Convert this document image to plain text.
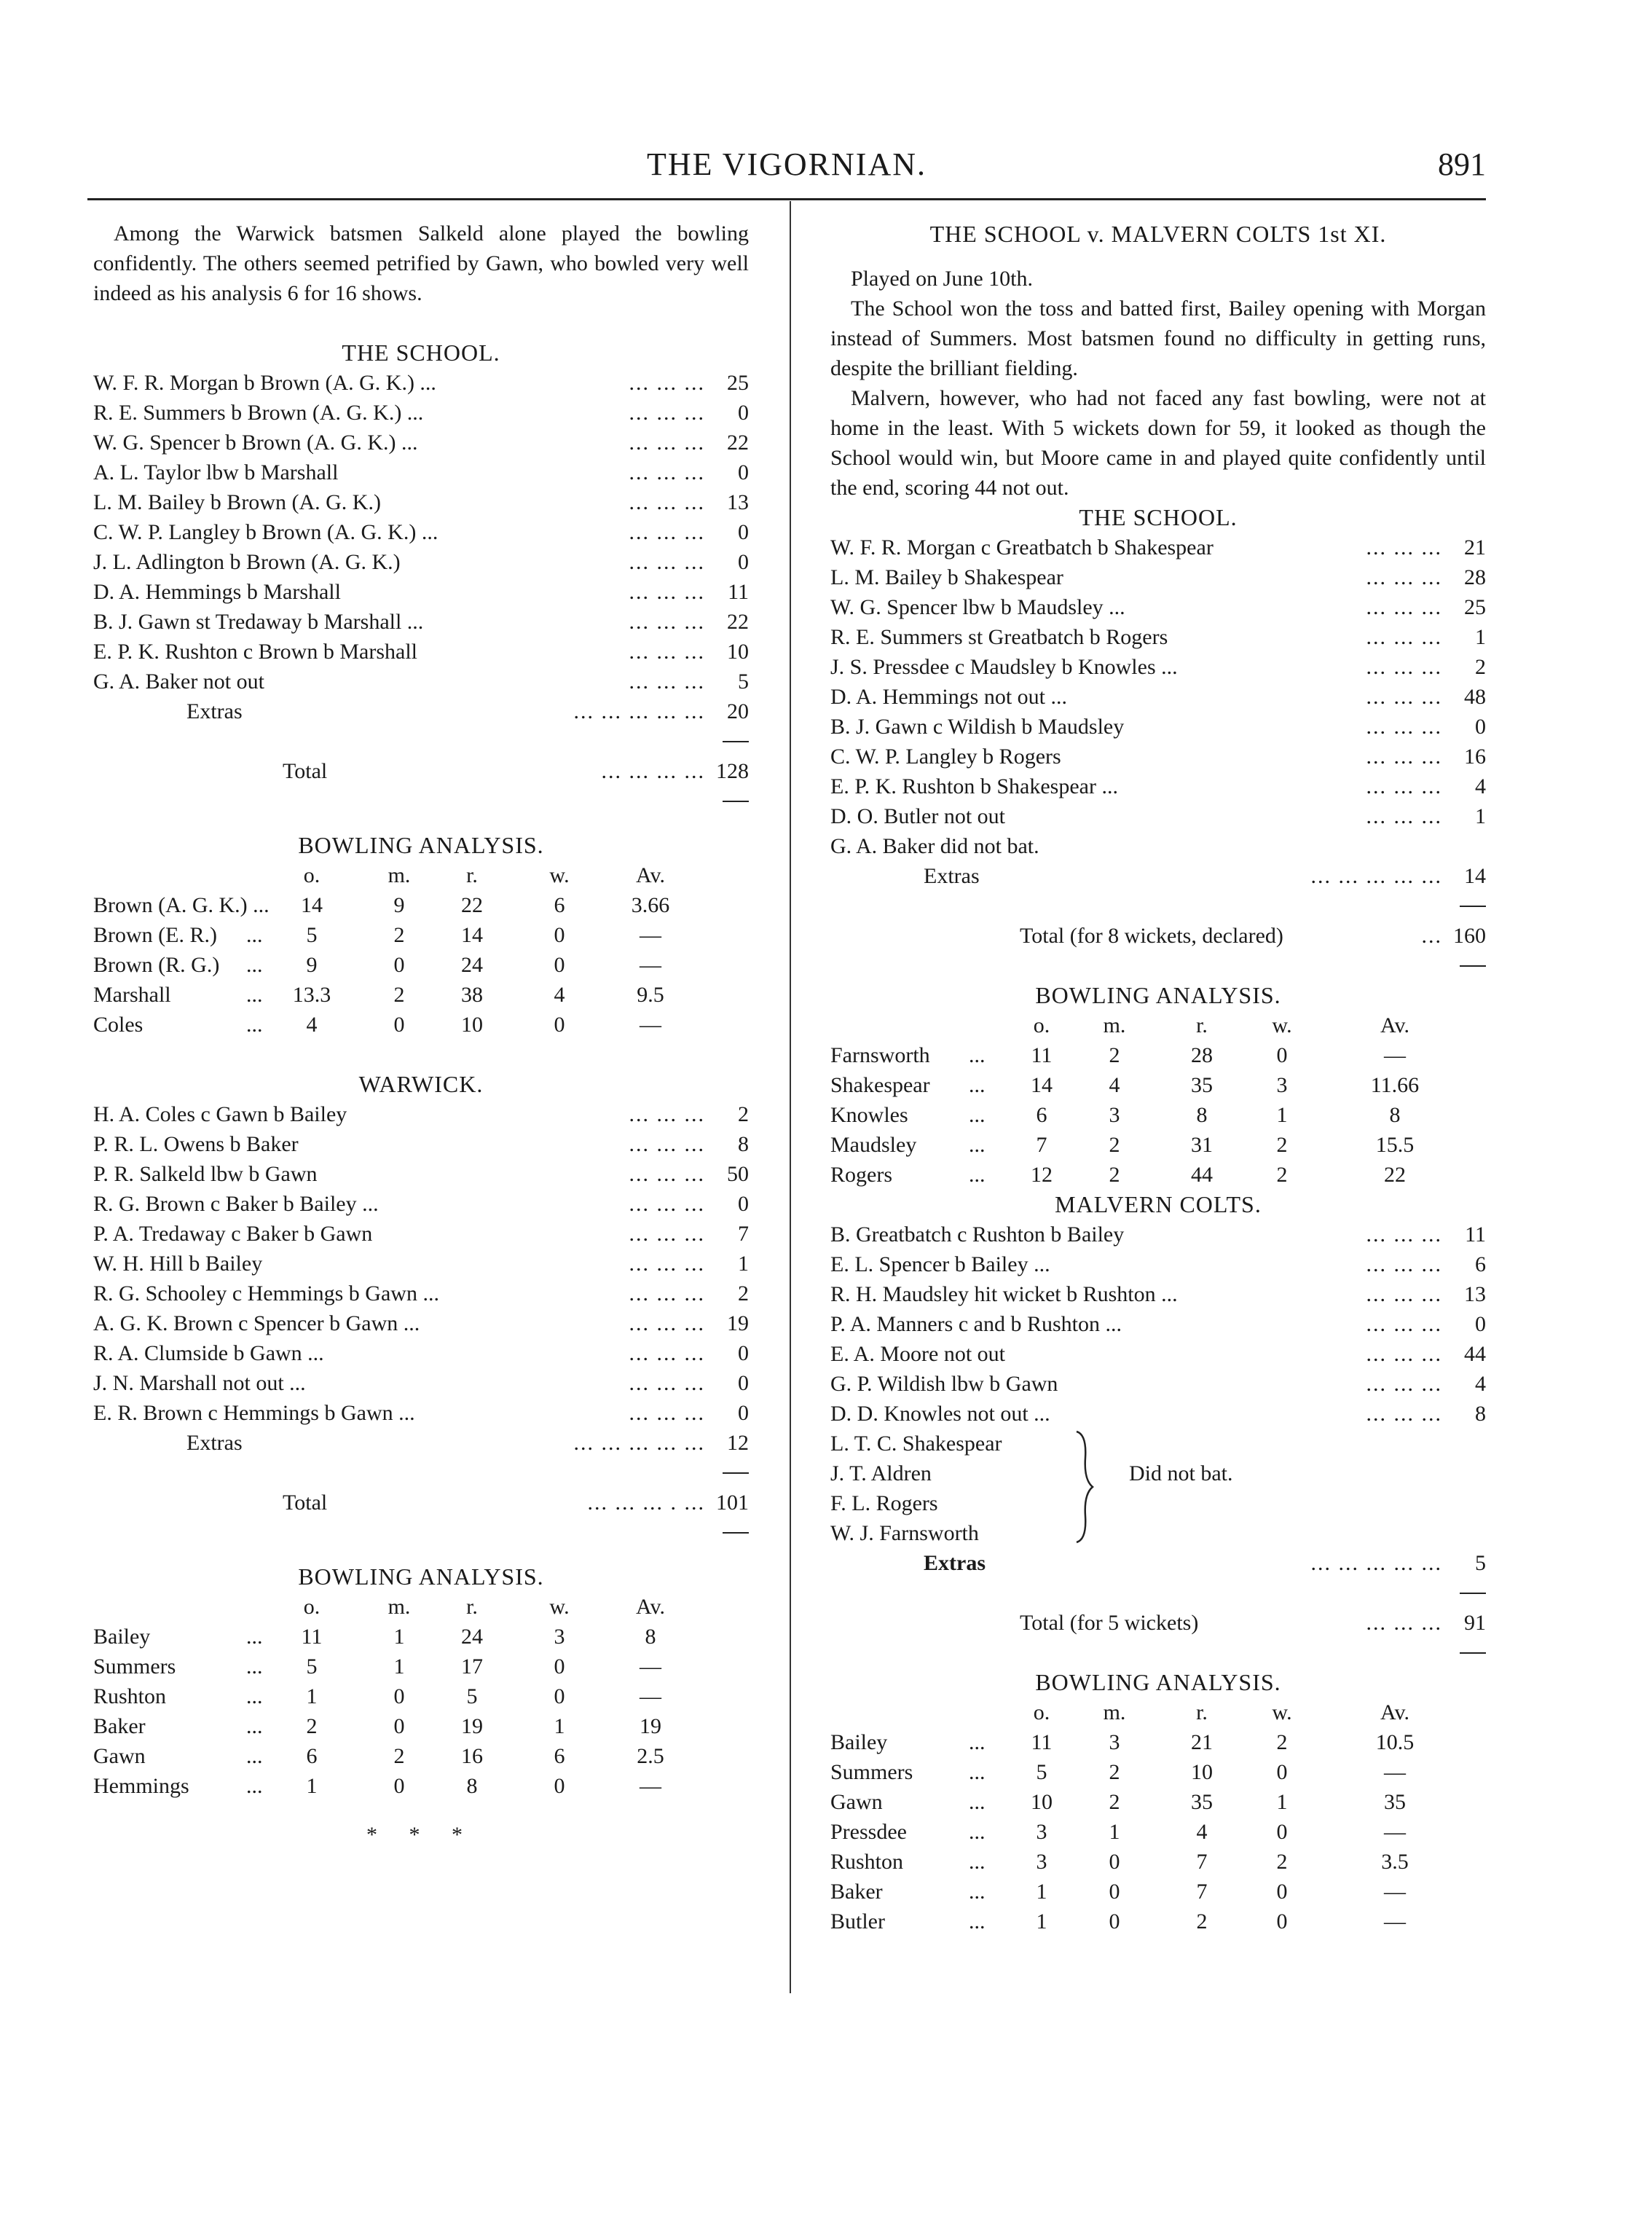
THE VIGORNIAN.	891

Among the Warwick batsmen Salkeld alone played the bowling confidently. The others seemed petrified by Gawn, who bowled very well indeed as his analysis 6 for 16 shows.

THE SCHOOL.
W. F. R. Morgan b Brown (A. G. K.) ...	... ... ...	25
R. E. Summers b Brown (A. G. K.) ...	... ... ...	0
W. G. Spencer b Brown (A. G. K.) ...	... ... ...	22
A. L. Taylor lbw b Marshall	... ... ...	0
L. M. Bailey b Brown (A. G. K.)	... ... ...	13
C. W. P. Langley b Brown (A. G. K.) ...	... ... ...	0
J. L. Adlington b Brown (A. G. K.)	... ... ...	0
D. A. Hemmings b Marshall	... ... ...	11
B. J. Gawn st Tredaway b Marshall ...	... ... ...	22
E. P. K. Rushton c Brown b Marshall	... ... ...	10
G. A. Baker not out	... ... ...	5
Extras	... ... ... ... ...	20
Total	... ... ... ... 128
BOWLING ANALYSIS.
o.	m.	r.	w.	Av.
Brown (A. G. K.) ...	14	9	22	6	3.66
Brown (E. R.) ...	5	2	14	0	—
Brown (R. G.) ...	9	0	24	0	—
Marshall	...	13.3	2	38	4	9.5
Coles	...	4	0	10	0	—
WARWICK.
H. A. Coles c Gawn b Bailey	... ... ...	2
P. R. L. Owens b Baker	... ... ...	8
P. R. Salkeld lbw b Gawn	... ... ...	50
R. G. Brown c Baker b Bailey ...	... ... ...	0
P. A. Tredaway c Baker b Gawn	... ... ...	7
W. H. Hill b Bailey	... ... ...	1
R. G. Schooley c Hemmings b Gawn ...	... ... ...	2
A. G. K. Brown c Spencer b Gawn ...	... ... ...	19
R. A. Clumside b Gawn ...	... ... ...	0
J. N. Marshall not out ...	... ... ...	0
E. R. Brown c Hemmings b Gawn ...	... ... ...	0
Extras	... ... ... ... ...	12
Total	... ... ... . ... 101
BOWLING ANALYSIS.
o.	m.	r.	w.	Av.
Bailey	...	11	1	24	3	8
Summers	...	5	1	17	0	—
Rushton	...	1	0	5	0	—
Baker	...	2	0	19	1	19
Gawn	...	6	2	16	6	2.5
Hemmings	...	1	0	8	0	—
* * *
THE SCHOOL v. MALVERN COLTS 1st XI.

Played on June 10th.

The School won the toss and batted first, Bailey opening with Morgan instead of Summers. Most batsmen found no difficulty in getting runs, despite the brilliant fielding.

Malvern, however, who had not faced any fast bowling, were not at home in the least. With 5 wickets down for 59, it looked as though the School would win, but Moore came in and played quite confidently until the end, scoring 44 not out.

THE SCHOOL.
W. F. R. Morgan c Greatbatch b Shakespear	... ... ...	21
L. M. Bailey b Shakespear	... ... ...	28
W. G. Spencer lbw b Maudsley ...	... ... ...	25
R. E. Summers st Greatbatch b Rogers	... ... ...	1
J. S. Pressdee c Maudsley b Knowles ...	... ... ...	2
D. A. Hemmings not out ...	... ... ...	48
B. J. Gawn c Wildish b Maudsley	... ... ...	0
C. W. P. Langley b Rogers	... ... ...	16
E. P. K. Rushton b Shakespear ...	... ... ...	4
D. O. Butler not out	... ... ...	1
G. A. Baker did not bat.
Extras	... ... ... ... ...	14
Total (for 8 wickets, declared)	... 160
BOWLING ANALYSIS.
o.	m.	r.	w.	Av.
Farnsworth ...	11	2	28	0	—
Shakespear ...	14	4	35	3	11.66
Knowles	...	6	3	8	1	8
Maudsley ...	7	2	31	2	15.5
Rogers	...	12	2	44	2	22
MALVERN COLTS.
B. Greatbatch c Rushton b Bailey	... ... ...	11
E. L. Spencer b Bailey ...	... ... ...	6
R. H. Maudsley hit wicket b Rushton ...	... ... ...	13
P. A. Manners c and b Rushton ...	... ... ...	0
E. A. Moore not out	... ... ...	44
G. P. Wildish lbw b Gawn	... ... ...	4
D. D. Knowles not out ...	... ... ...	8
L. T. C. Shakespear
J. T. Aldren
F. L. Rogers
W. J. Farnsworth
Did not bat.
Extras	... ... ... ... ...	5
Total (for 5 wickets)	... ... ...	91
BOWLING ANALYSIS.
o.	m.	r.	w.	Av.
Bailey	...	11	3	21	2	10.5
Summers	...	5	2	10	0	—
Gawn	...	10	2	35	1	35
Pressdee	...	3	1	4	0	—
Rushton	...	3	0	7	2	3.5
Baker	...	1	0	7	0	—
Butler	...	1	0	2	0	—
